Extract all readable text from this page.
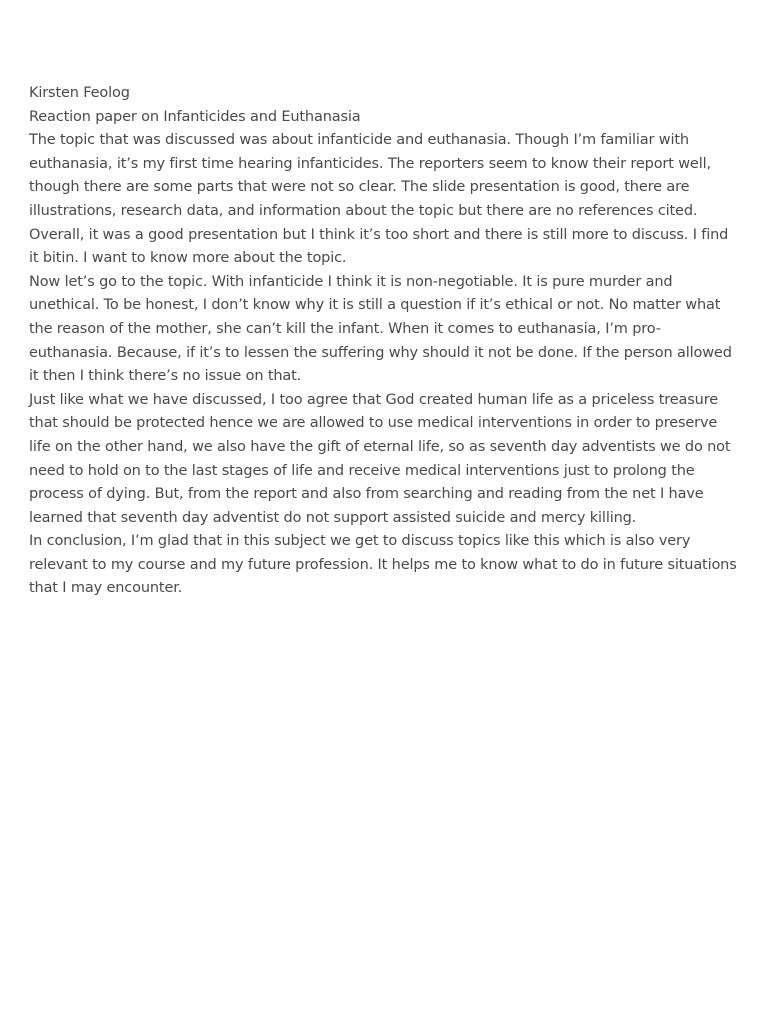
Kirsten Feolog

Reaction paper on Infanticides and Euthanasia

The topic that was discussed was about infanticide and euthanasia. Though I’m familiar with euthanasia, it’s my first time hearing infanticides. The reporters seem to know their report well, though there are some parts that were not so clear. The slide presentation is good, there are illustrations, research data, and information about the topic but there are no references cited. Overall, it was a good presentation but I think it’s too short and there is still more to discuss. I find it bitin. I want to know more about the topic.

Now let’s go to the topic. With infanticide I think it is non-negotiable. It is pure murder and unethical. To be honest, I don’t know why it is still a question if it’s ethical or not. No matter what the reason of the mother, she can’t kill the infant. When it comes to euthanasia, I’m pro-euthanasia. Because, if it’s to lessen the suffering why should it not be done. If the person allowed it then I think there’s no issue on that.

Just like what we have discussed, I too agree that God created human life as a priceless treasure that should be protected hence we are allowed to use medical interventions in order to preserve life on the other hand, we also have the gift of eternal life, so as seventh day adventists we do not need to hold on to the last stages of life and receive medical interventions just to prolong the process of dying. But, from the report and also from searching and reading from the net I have learned that seventh day adventist do not support assisted suicide and mercy killing.

In conclusion, I’m glad that in this subject we get to discuss topics like this which is also very relevant to my course and my future profession. It helps me to know what to do in future situations that I may encounter.
